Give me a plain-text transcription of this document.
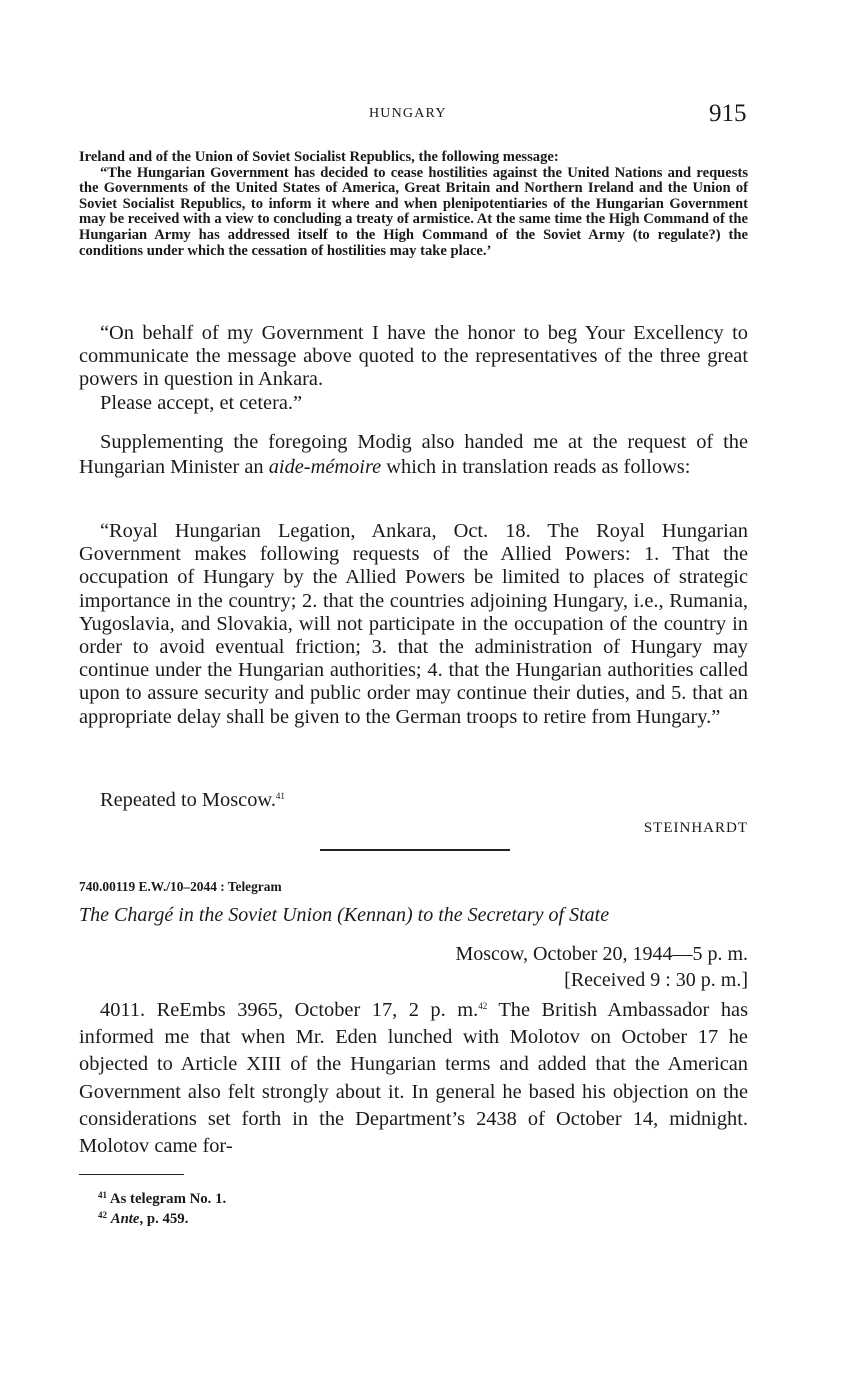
HUNGARY	915
Ireland and of the Union of Soviet Socialist Republics, the following message:
“The Hungarian Government has decided to cease hostilities against the United Nations and requests the Governments of the United States of America, Great Britain and Northern Ireland and the Union of Soviet Socialist Republics, to inform it where and when plenipotentiaries of the Hungarian Government may be received with a view to concluding a treaty of armistice. At the same time the High Command of the Hungarian Army has addressed itself to the High Command of the Soviet Army (to regulate?) the conditions under which the cessation of hostilities may take place.’

“On behalf of my Government I have the honor to beg Your Excellency to communicate the message above quoted to the representatives of the three great powers in question in Ankara.

Please accept, et cetera.”

Supplementing the foregoing Modig also handed me at the request of the Hungarian Minister an aide-mémoire which in translation reads as follows:

“Royal Hungarian Legation, Ankara, Oct. 18. The Royal Hungarian Government makes following requests of the Allied Powers: 1. That the occupation of Hungary by the Allied Powers be limited to places of strategic importance in the country; 2. that the countries adjoining Hungary, i.e., Rumania, Yugoslavia, and Slovakia, will not participate in the occupation of the country in order to avoid eventual friction; 3. that the administration of Hungary may continue under the Hungarian authorities; 4. that the Hungarian authorities called upon to assure security and public order may continue their duties, and 5. that an appropriate delay shall be given to the German troops to retire from Hungary.”

Repeated to Moscow.$^{41}$

STEINHARDT
740.00119 E.W./10–2044 : Telegram
The Chargé in the Soviet Union (Kennan) to the Secretary of State
Moscow, October 20, 1944—5 p. m.
[Received 9 : 30 p. m.]

4011. ReEmbs 3965, October 17, 2 p. m.$^{42}$ The British Ambassador has informed me that when Mr. Eden lunched with Molotov on October 17 he objected to Article XIII of the Hungarian terms and added that the American Government also felt strongly about it. In general he based his objection on the considerations set forth in the Department’s 2438 of October 14, midnight. Molotov came for-

$^{41}$ As telegram No. 1.
$^{42}$ Ante, p. 459.
